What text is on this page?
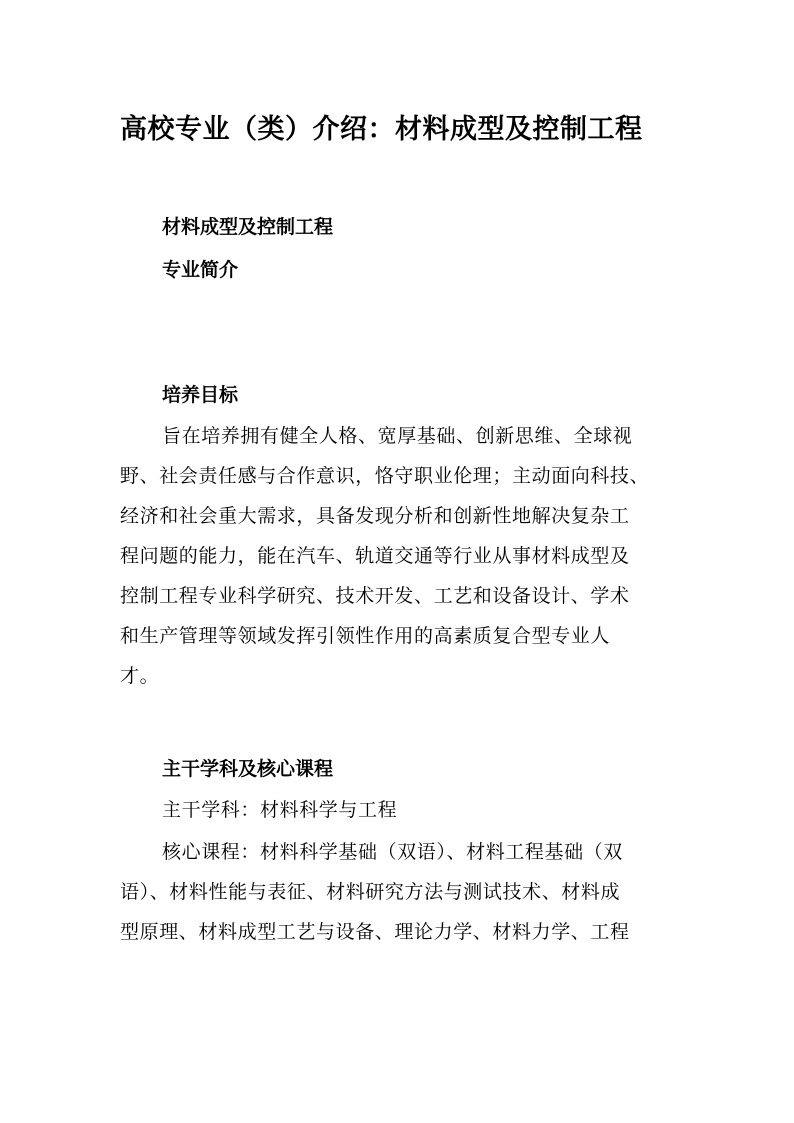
高校专业（类）介绍：材料成型及控制工程
材料成型及控制工程
专业简介
培养目标
旨在培养拥有健全人格、宽厚基础、创新思维、全球视
野、社会责任感与合作意识，恪守职业伦理；主动面向科技、
经济和社会重大需求，具备发现分析和创新性地解决复杂工
程问题的能力，能在汽车、轨道交通等行业从事材料成型及
控制工程专业科学研究、技术开发、工艺和设备设计、学术
和生产管理等领域发挥引领性作用的高素质复合型专业人
才。
主干学科及核心课程
主干学科：材料科学与工程
核心课程：材料科学基础（双语）、材料工程基础（双
语）、材料性能与表征、材料研究方法与测试技术、材料成
型原理、材料成型工艺与设备、理论力学、材料力学、工程
